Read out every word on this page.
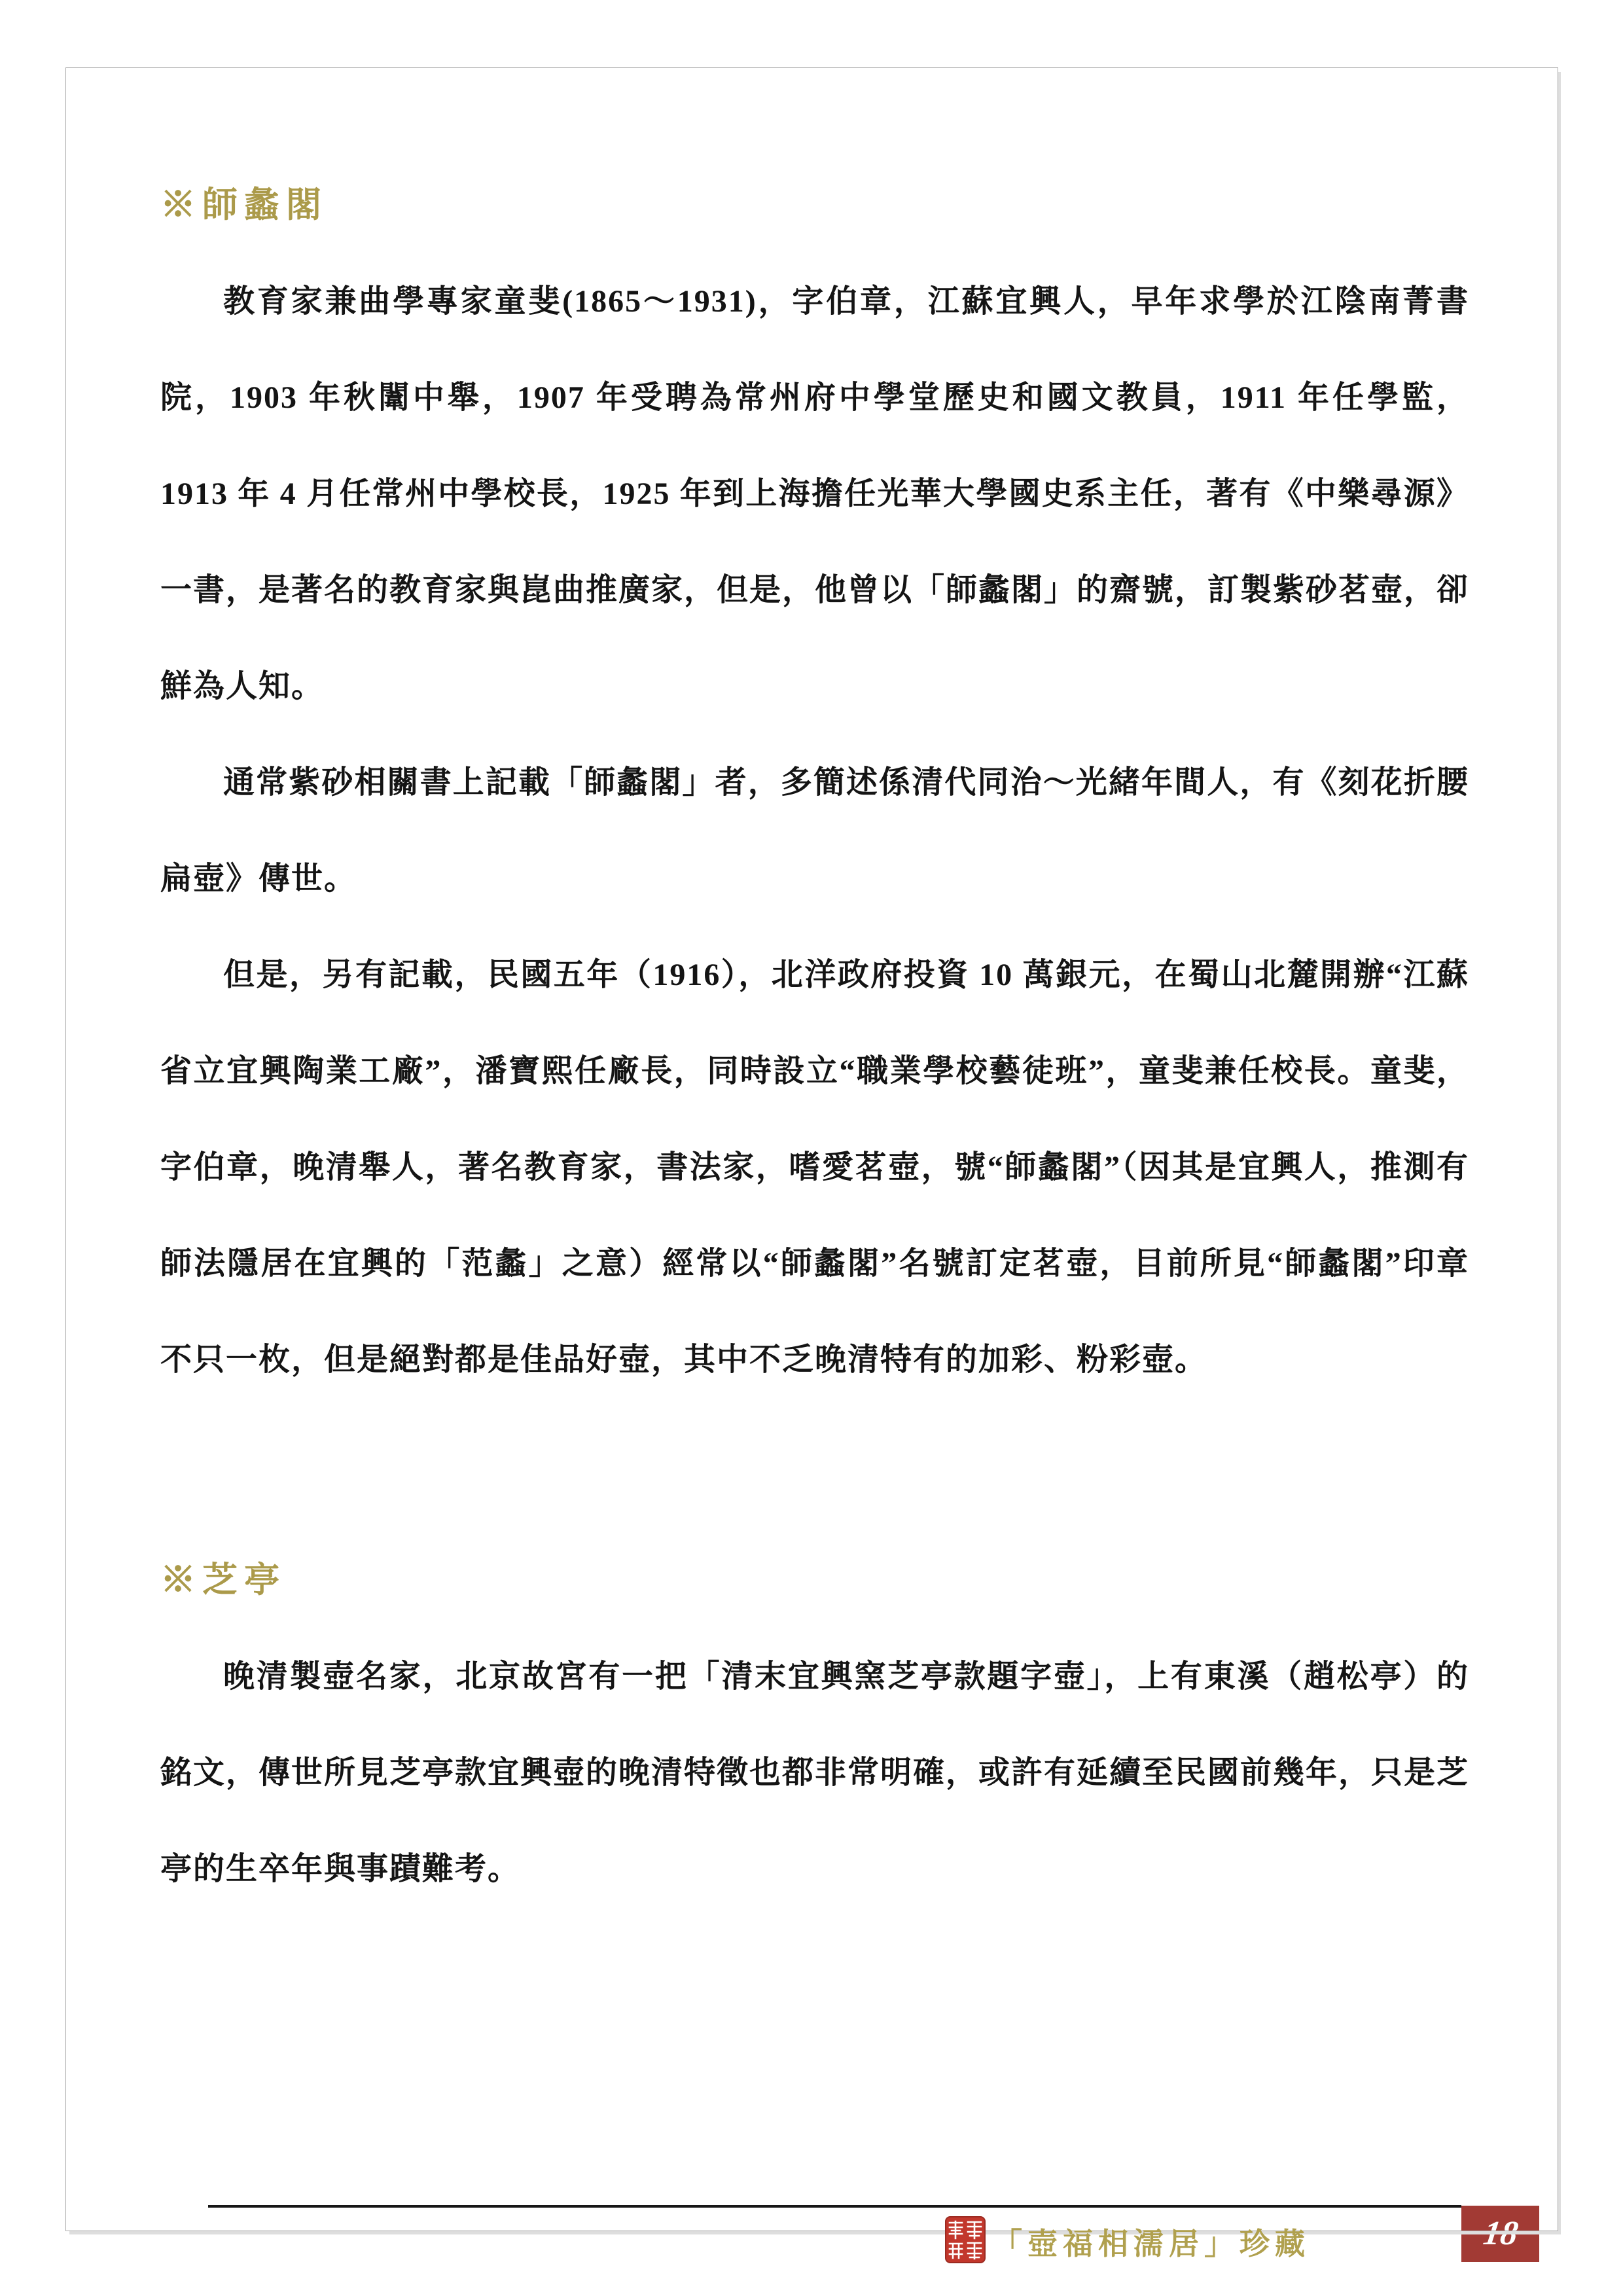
※師蠡閣

教育家兼曲學專家童斐(1865～1931)，字伯章，江蘇宜興人，早年求學於江陰南菁書院，1903 年秋闈中舉，1907 年受聘為常州府中學堂歷史和國文教員，1911 年任學監，1913 年 4 月任常州中學校長，1925 年到上海擔任光華大學國史系主任，著有《中樂尋源》一書，是著名的教育家與崑曲推廣家，但是，他曾以「師蠡閣」的齋號，訂製紫砂茗壺，卻鮮為人知。

通常紫砂相關書上記載「師蠡閣」者，多簡述係清代同治～光緒年間人，有《刻花折腰扁壺》傳世。

但是，另有記載，民國五年（1916），北洋政府投資 10 萬銀元，在蜀山北麓開辦“江蘇省立宜興陶業工廠”，潘寶熙任廠長，同時設立“職業學校藝徒班”，童斐兼任校長。童斐，字伯章，晚清舉人，著名教育家，書法家，嗜愛茗壺，號“師蠡閣”（因其是宜興人，推測有師法隱居在宜興的「范蠡」之意）經常以“師蠡閣”名號訂定茗壺，目前所見“師蠡閣”印章不只一枚，但是絕對都是佳品好壺，其中不乏晚清特有的加彩、粉彩壺。

※芝亭

晚清製壺名家，北京故宮有一把「清末宜興窯芝亭款題字壺」，上有東溪（趙松亭）的銘文，傳世所見芝亭款宜興壺的晚清特徵也都非常明確，或許有延續至民國前幾年，只是芝亭的生卒年與事蹟難考。

「壺福相濡居」珍藏	18
